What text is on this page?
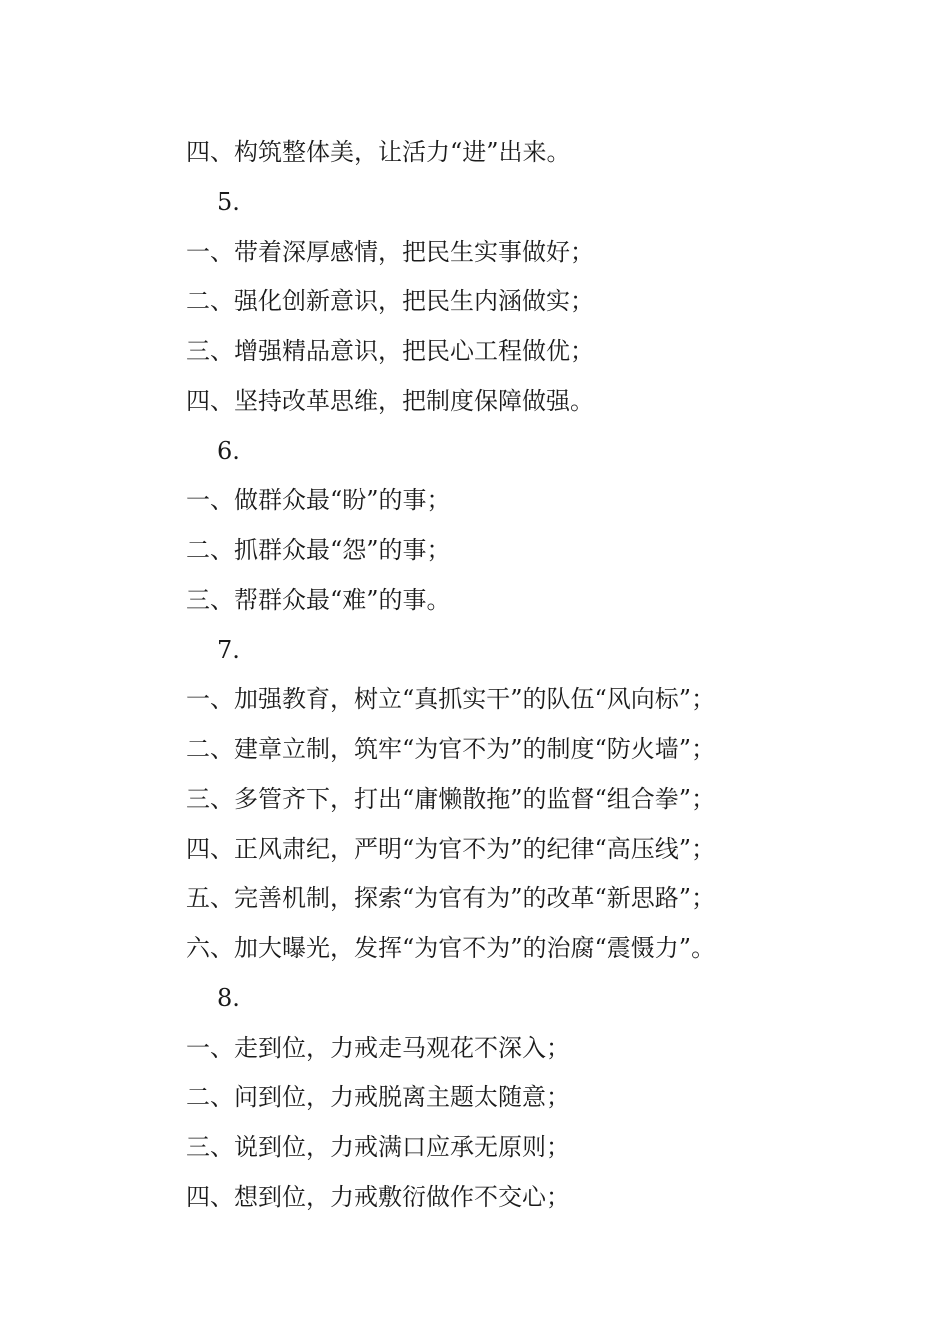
四、构筑整体美，让活力“进”出来。
5.
一、带着深厚感情，把民生实事做好；
二、强化创新意识，把民生内涵做实；
三、增强精品意识，把民心工程做优；
四、坚持改革思维，把制度保障做强。
6.
一、做群众最“盼”的事；
二、抓群众最“怨”的事；
三、帮群众最“难”的事。
7.
一、加强教育，树立“真抓实干”的队伍“风向标”；
二、建章立制，筑牢“为官不为”的制度“防火墙”；
三、多管齐下，打出“庸懒散拖”的监督“组合拳”；
四、正风肃纪，严明“为官不为”的纪律“高压线”；
五、完善机制，探索“为官有为”的改革“新思路”；
六、加大曝光，发挥“为官不为”的治腐“震慑力”。
8.
一、走到位，力戒走马观花不深入；
二、问到位，力戒脱离主题太随意；
三、说到位，力戒满口应承无原则；
四、想到位，力戒敷衍做作不交心；
